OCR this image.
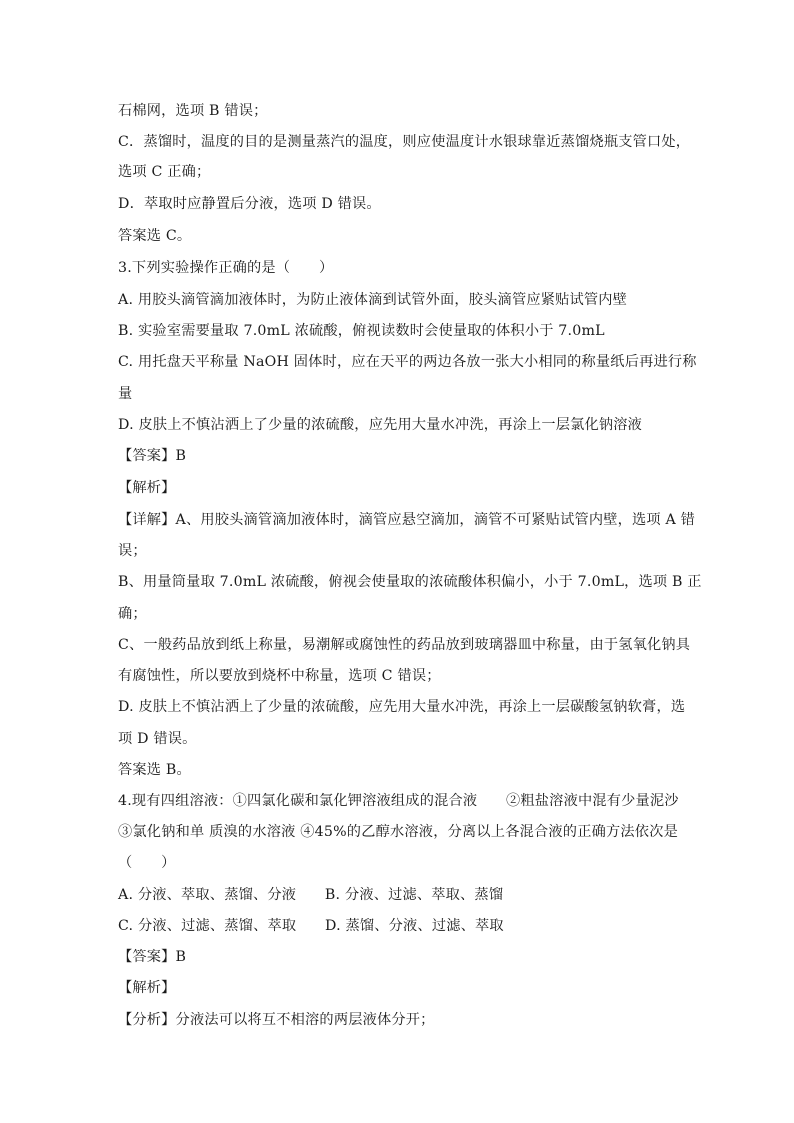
石棉网，选项 B 错误；
C．蒸馏时，温度的目的是测量蒸汽的温度，则应使温度计水银球靠近蒸馏烧瓶支管口处，
选项 C 正确；
D．萃取时应静置后分液，选项 D 错误。
答案选 C。
3.下列实验操作正确的是（　　）
A. 用胶头滴管滴加液体时，为防止液体滴到试管外面，胶头滴管应紧贴试管内壁
B. 实验室需要量取 7.0mL 浓硫酸，俯视读数时会使量取的体积小于 7.0mL
C. 用托盘天平称量 NaOH 固体时，应在天平的两边各放一张大小相同的称量纸后再进行称
量
D. 皮肤上不慎沾洒上了少量的浓硫酸，应先用大量水冲洗，再涂上一层氯化钠溶液
【答案】B
【解析】
【详解】A、用胶头滴管滴加液体时，滴管应悬空滴加，滴管不可紧贴试管内壁，选项 A 错
误；
B、用量筒量取 7.0mL 浓硫酸，俯视会使量取的浓硫酸体积偏小，小于 7.0mL，选项 B 正
确；
C、一般药品放到纸上称量，易潮解或腐蚀性的药品放到玻璃器皿中称量，由于氢氧化钠具
有腐蚀性，所以要放到烧杯中称量，选项 C 错误；
D. 皮肤上不慎沾洒上了少量的浓硫酸，应先用大量水冲洗，再涂上一层碳酸氢钠软膏，选
项 D 错误。
答案选 B。
4.现有四组溶液：①四氯化碳和氯化钾溶液组成的混合液　　②粗盐溶液中混有少量泥沙
③氯化钠和单 质溴的水溶液 ④45%的乙醇水溶液，分离以上各混合液的正确方法依次是
（　　）
A. 分液、萃取、蒸馏、分液　　B. 分液、过滤、萃取、蒸馏
C. 分液、过滤、蒸馏、萃取　　D. 蒸馏、分液、过滤、萃取
【答案】B
【解析】
【分析】分液法可以将互不相溶的两层液体分开；
